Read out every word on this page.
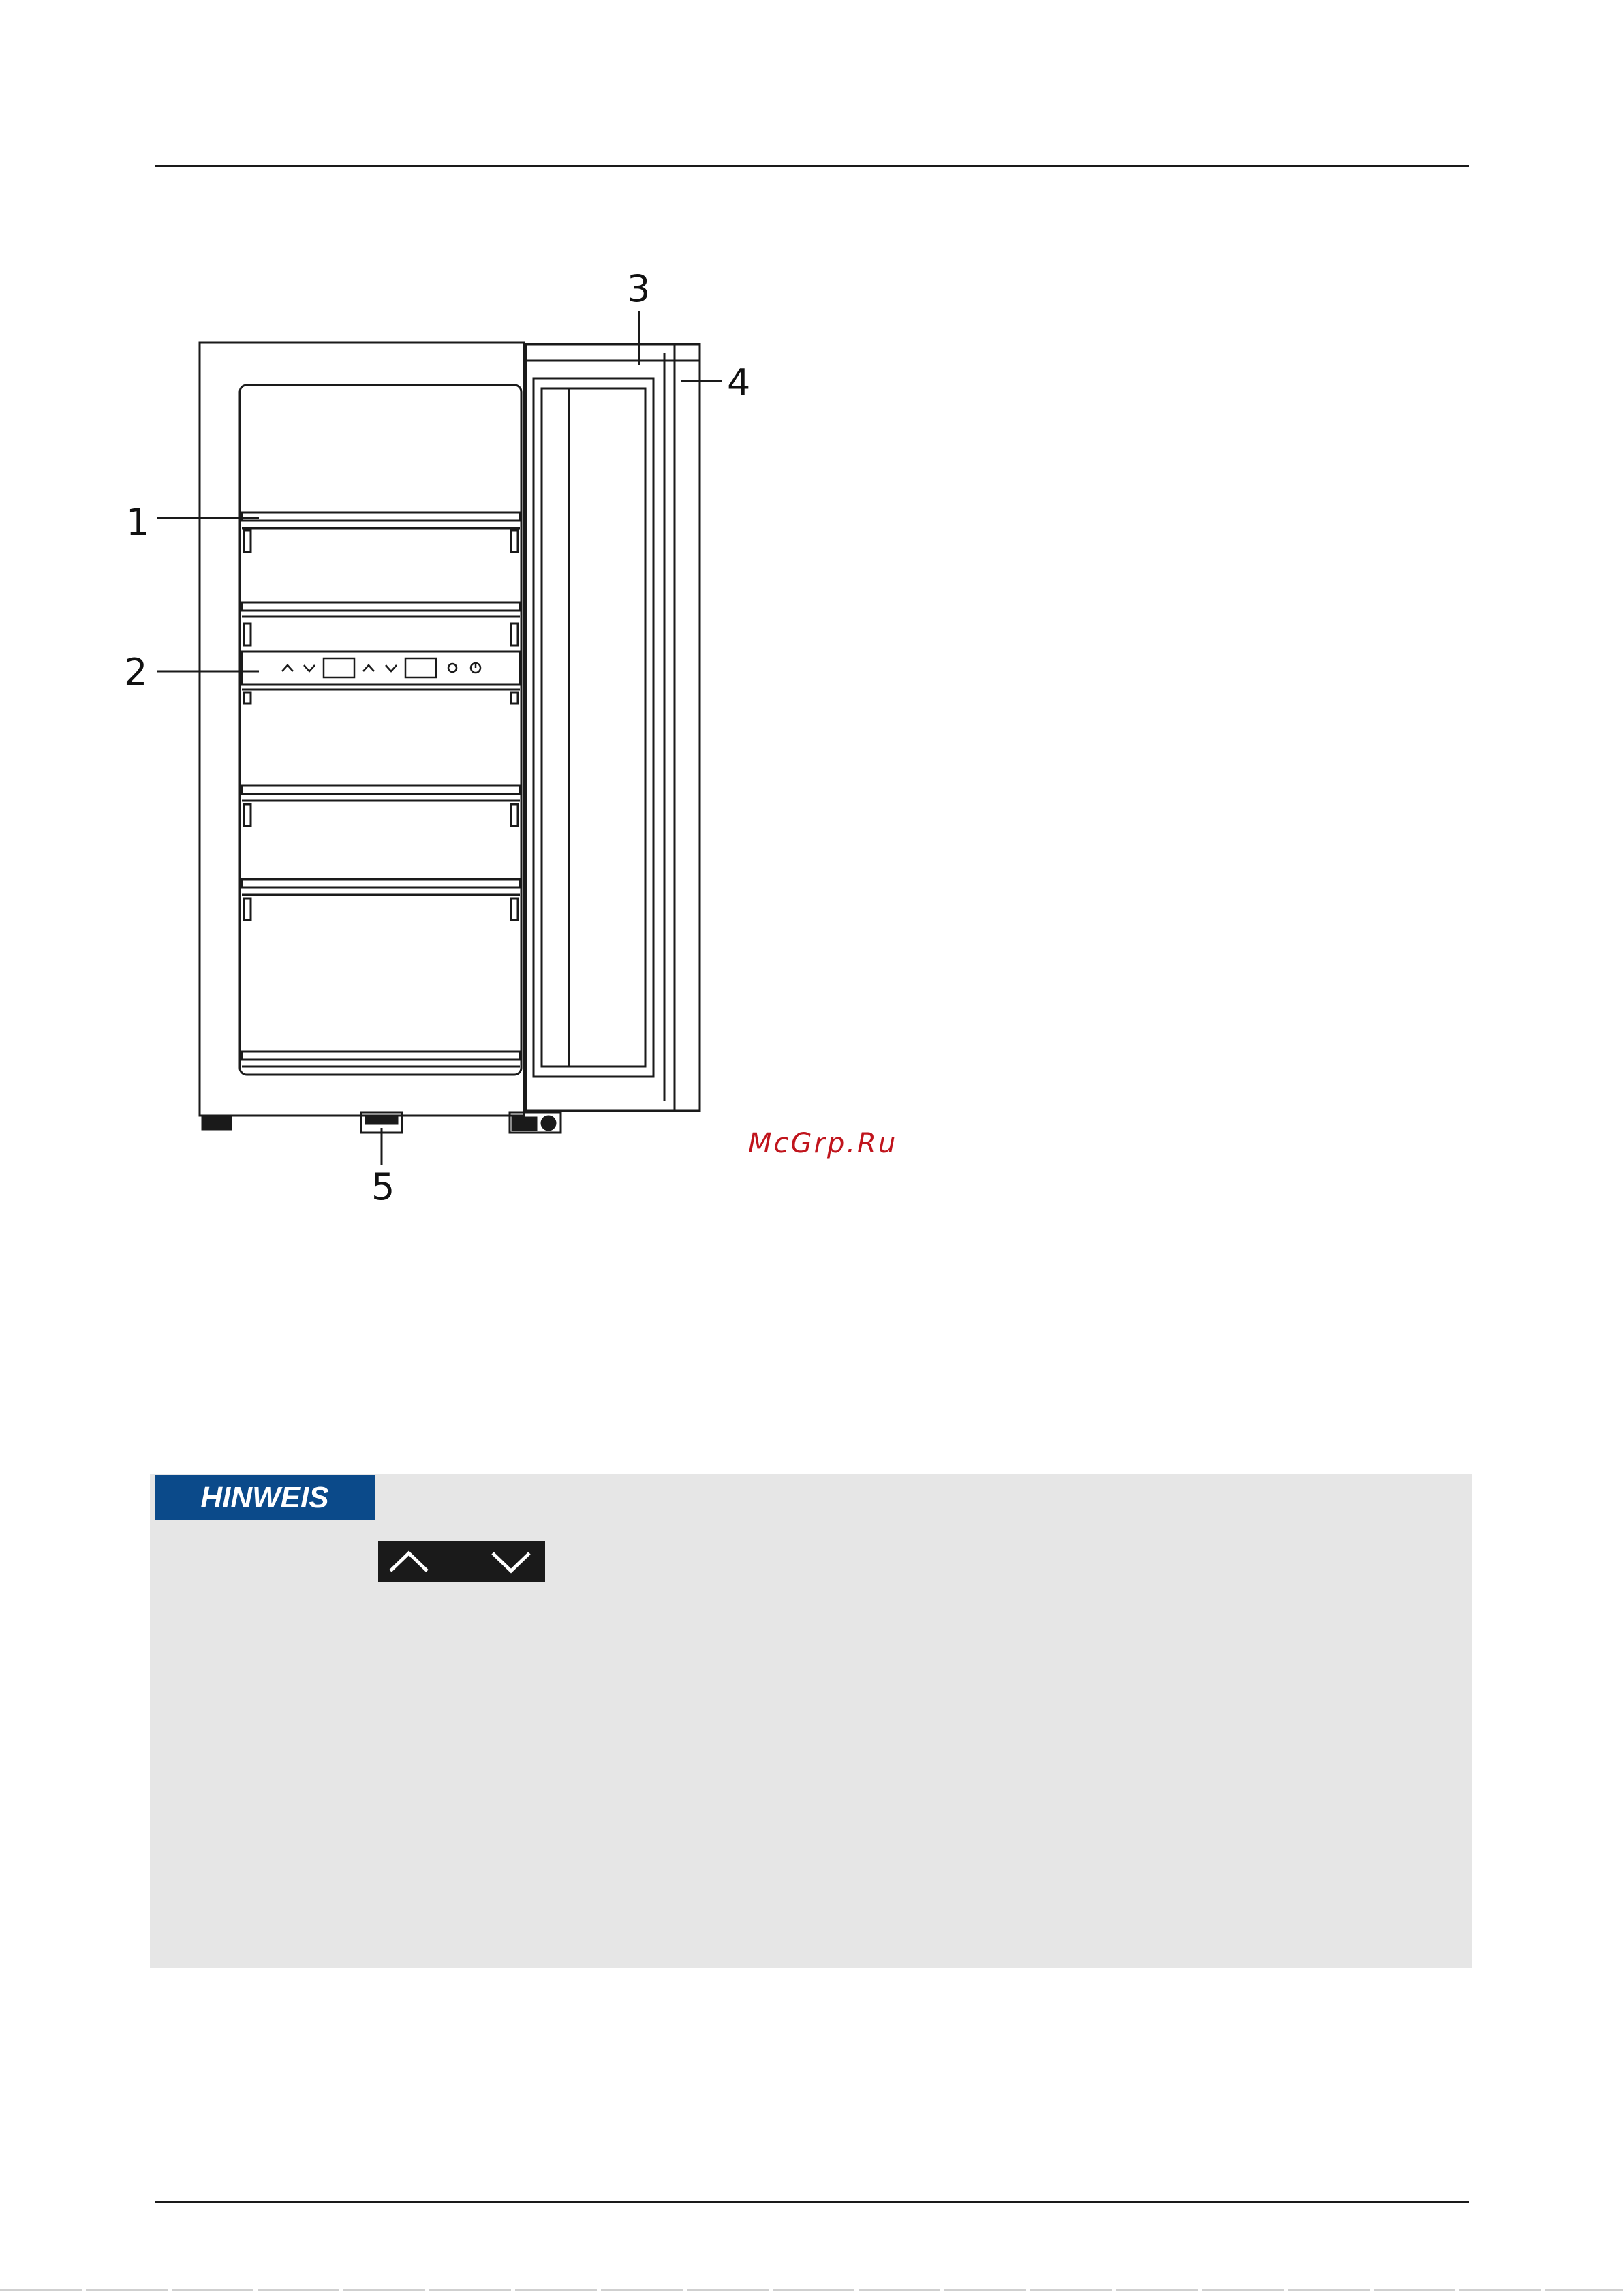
1
2
3
4
5
McGrp.Ru
HINWEIS
